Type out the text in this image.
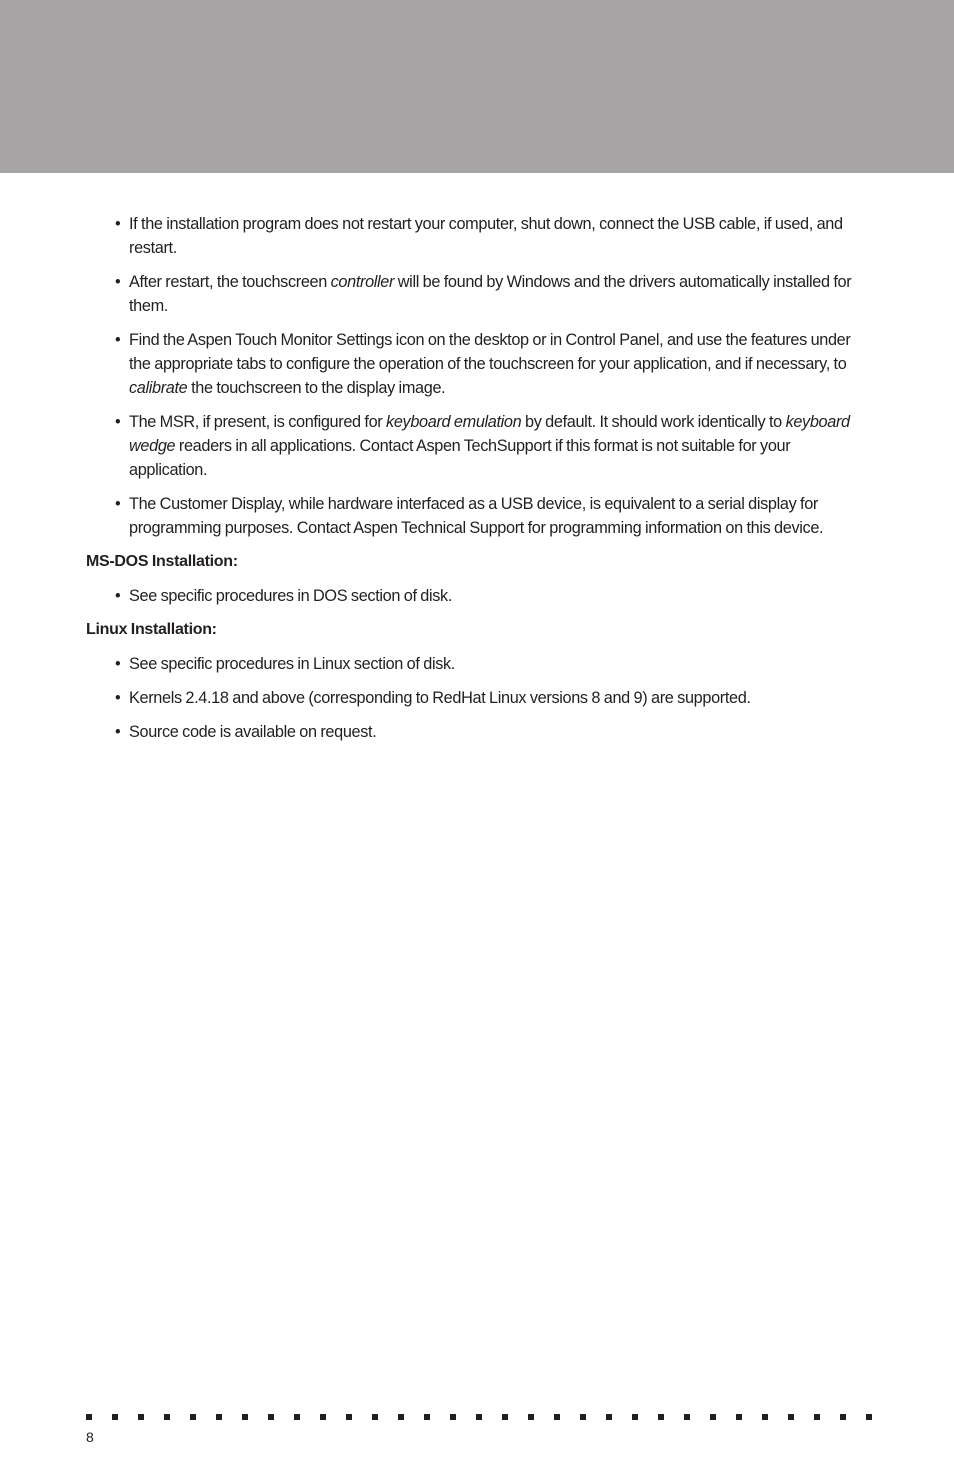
• If the installation program does not restart your computer, shut down, connect the USB cable, if used, and restart.
• After restart, the touchscreen controller will be found by Windows and the drivers automatically installed for them.
• Find the Aspen Touch Monitor Settings icon on the desktop or in Control Panel, and use the features under the appropriate tabs to configure the operation of the touchscreen for your application, and if necessary, to calibrate the touchscreen to the display image.
• The MSR, if present, is configured for keyboard emulation by default. It should work identically to keyboard wedge readers in all applications. Contact Aspen TechSupport if this format is not suitable for your application.
• The Customer Display, while hardware interfaced as a USB device, is equivalent to a serial display for programming purposes. Contact Aspen Technical Support for programming information on this device.
MS-DOS Installation:
• See specific procedures in DOS section of disk.
Linux Installation:
• See specific procedures in Linux section of disk.
• Kernels 2.4.18 and above (corresponding to RedHat Linux versions 8 and 9) are supported.
• Source code is available on request.
8
